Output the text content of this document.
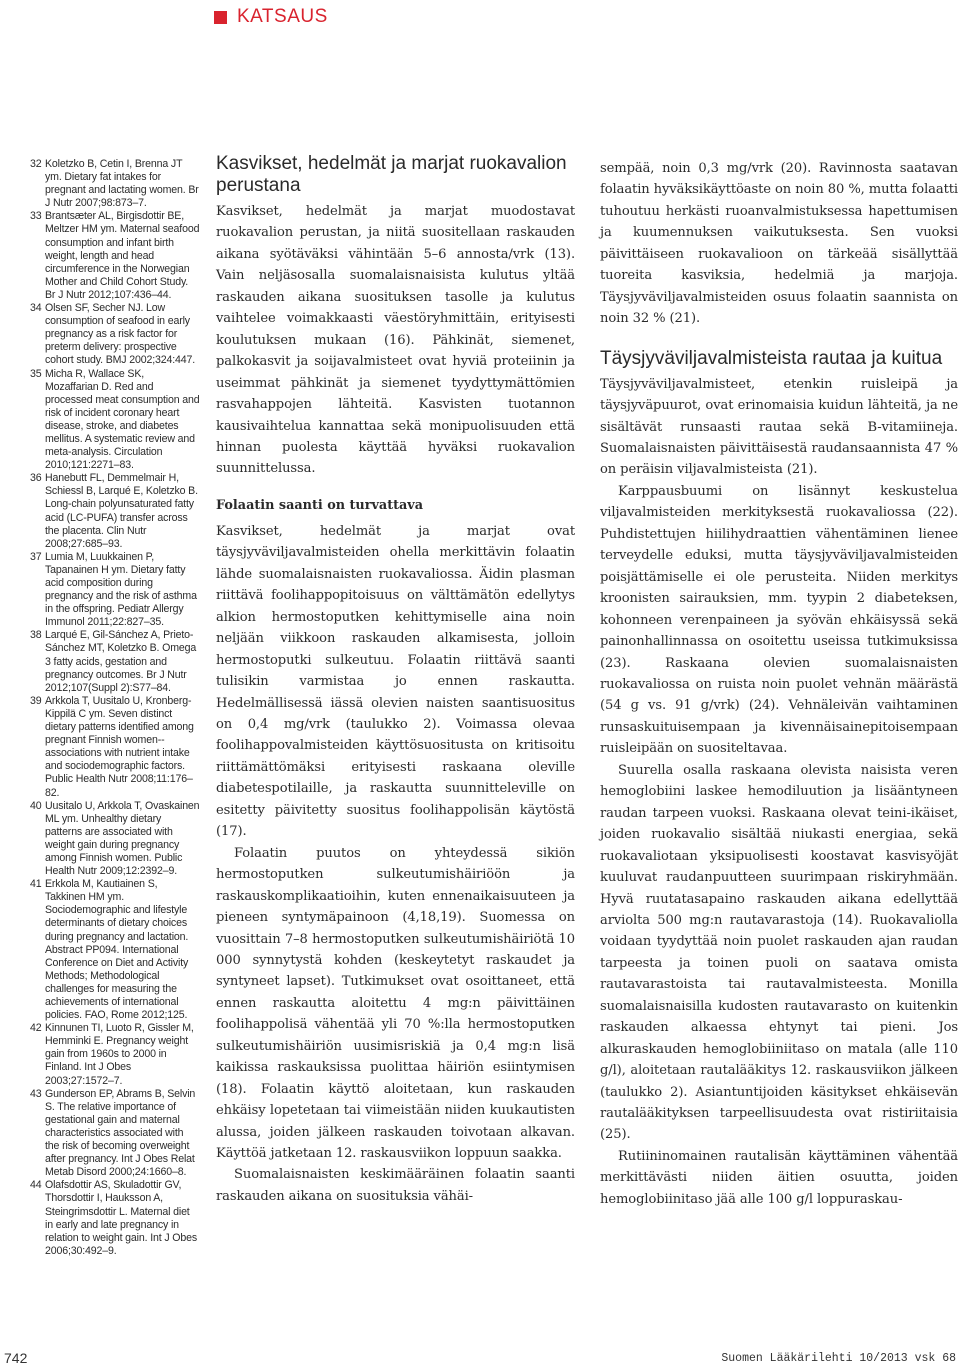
KATSAUS
32 Koletzko B, Cetin I, Brenna JT ym. Dietary fat intakes for pregnant and lactating women. Br J Nutr 2007;98:873–7.
33 Brantsæter AL, Birgisdottir BE, Meltzer HM ym. Maternal seafood consumption and infant birth weight, length and head circumference in the Norwegian Mother and Child Cohort Study. Br J Nutr 2012;107:436–44.
34 Olsen SF, Secher NJ. Low consumption of seafood in early pregnancy as a risk factor for preterm delivery: prospective cohort study. BMJ 2002;324:447.
35 Micha R, Wallace SK, Mozaffarian D. Red and processed meat consumption and risk of incident coronary heart disease, stroke, and diabetes mellitus. A systematic review and meta-analysis. Circulation 2010;121:2271–83.
36 Hanebutt FL, Demmelmair H, Schiessl B, Larqué E, Koletzko B. Long-chain polyunsaturated fatty acid (LC-PUFA) transfer across the placenta. Clin Nutr 2008;27:685–93.
37 Lumia M, Luukkainen P, Tapanainen H ym. Dietary fatty acid composition during pregnancy and the risk of asthma in the offspring. Pediatr Allergy Immunol 2011;22:827–35.
38 Larqué E, Gil-Sánchez A, Prieto-Sánchez MT, Koletzko B. Omega 3 fatty acids, gestation and pregnancy outcomes. Br J Nutr 2012;107(Suppl 2):S77–84.
39 Arkkola T, Uusitalo U, Kronberg-Kippilä C ym. Seven distinct dietary patterns identified among pregnant Finnish women--associations with nutrient intake and sociodemographic factors. Public Health Nutr 2008;11:176–82.
40 Uusitalo U, Arkkola T, Ovaskainen ML ym. Unhealthy dietary patterns are associated with weight gain during pregnancy among Finnish women. Public Health Nutr 2009;12:2392–9.
41 Erkkola M, Kautiainen S, Takkinen HM ym. Sociodemographic and lifestyle determinants of dietary choices during pregnancy and lactation. Abstract PP094. International Conference on Diet and Activity Methods; Methodological challenges for measuring the achievements of international policies. FAO, Rome 2012;125.
42 Kinnunen TI, Luoto R, Gissler M, Hemminki E. Pregnancy weight gain from 1960s to 2000 in Finland. Int J Obes 2003;27:1572–7.
43 Gunderson EP, Abrams B, Selvin S. The relative importance of gestational gain and maternal characteristics associated with the risk of becoming overweight after pregnancy. Int J Obes Relat Metab Disord 2000;24:1660–8.
44 Olafsdottir AS, Skuladottir GV, Thorsdottir I, Hauksson A, Steingrimsdottir L. Maternal diet in early and late pregnancy in relation to weight gain. Int J Obes 2006;30:492–9.
Kasvikset, hedelmät ja marjat ruokavalion perustana

Kasvikset, hedelmät ja marjat muodostavat ruokavalion perustan, ja niitä suositellaan raskauden aikana syötäväksi vähintään 5–6 annosta/vrk (13). Vain neljäsosalla suomalaisnaisista kulutus yltää raskauden aikana suosituksen tasolle ja kulutus vaihtelee voimakkaasti väestöryhmittäin, erityisesti koulutuksen mukaan (16). Pähkinät, siemenet, palkokasvit ja soijavalmisteet ovat hyviä proteiinin ja useimmat pähkinät ja siemenet tyydyttymättömien rasvahappojen lähteitä. Kasvisten tuotannon kausivaihtelua kannattaa sekä monipuolisuuden että hinnan puolesta käyttää hyväksi ruokavalion suunnittelussa.

Folaatin saanti on turvattava

Kasvikset, hedelmät ja marjat ovat täysjyväviljavalmisteiden ohella merkittävin folaatin lähde suomalaisnaisten ruokavaliossa. Äidin plasman riittävä foolihappopitoisuus on välttämätön edellytys alkion hermostoputken kehittymiselle aina noin neljään viikkoon raskauden alkamisesta, jolloin hermostoputki sulkeutuu. Folaatin riittävä saanti tulisikin varmistaa jo ennen raskautta. Hedelmällisessä iässä olevien naisten saantisuositus on 0,4 mg/vrk (taulukko 2). Voimassa olevaa foolihappovalmisteiden käyttösuositusta on kritisoitu riittämättömäksi erityisesti raskaana oleville diabetespotilaille, ja raskautta suunnitteleville on esitetty päivitetty suositus foolihappolisän käytöstä (17).

Folaatin puutos on yhteydessä sikiön hermostoputken sulkeutumishäiriöön ja raskauskomplikaatioihin, kuten ennenaikaisuuteen ja pieneen syntymäpainoon (4,18,19). Suomessa on vuosittain 7–8 hermostoputken sulkeutumishäiriötä 10 000 synnytystä kohden (keskeytetyt raskaudet ja syntyneet lapset). Tutkimukset ovat osoittaneet, että ennen raskautta aloitettu 4 mg:n päivittäinen foolihappolisä vähentää yli 70 %:lla hermostoputken sulkeutumishäiriön uusimisriskiä ja 0,4 mg:n lisä kaikissa raskauksissa puolittaa häiriön esiintymisen (18). Folaatin käyttö aloitetaan, kun raskauden ehkäisy lopetetaan tai viimeistään niiden kuukautisten alussa, joiden jälkeen raskauden toivotaan alkavan. Käyttöä jatketaan 12. raskausviikon loppuun saakka.

Suomalaisnaisten keskimääräinen folaatin saanti raskauden aikana on suosituksia vähäi-

sempää, noin 0,3 mg/vrk (20). Ravinnosta saatavan folaatin hyväksikäyttöaste on noin 80 %, mutta folaatti tuhoutuu herkästi ruoanvalmistuksessa hapettumisen ja kuumennuksen vaikutuksesta. Sen vuoksi päivittäiseen ruokavalioon on tärkeää sisällyttää tuoreita kasviksia, hedelmiä ja marjoja. Täysjyväviljavalmisteiden osuus folaatin saannista on noin 32 % (21).

Täysjyväviljavalmisteista rautaa ja kuitua

Täysjyväviljavalmisteet, etenkin ruisleipä ja täysjyväpuurot, ovat erinomaisia kuidun lähteitä, ja ne sisältävät runsaasti rautaa sekä B-vitamiineja. Suomalaisnaisten päivittäisestä raudansaannista 47 % on peräisin viljavalmisteista (21).

Karppausbuumi on lisännyt keskustelua viljavalmisteiden merkityksestä ruokavaliossa (22). Puhdistettujen hiilihydraattien vähentäminen lienee terveydelle eduksi, mutta täysjyväviljavalmisteiden poisjättämiselle ei ole perusteita. Niiden merkitys kroonisten sairauksien, mm. tyypin 2 diabeteksen, kohonneen verenpaineen ja syövän ehkäisyssä sekä painonhallinnassa on osoitettu useissa tutkimuksissa (23). Raskaana olevien suomalaisnaisten ruokavaliossa on ruista noin puolet vehnän määrästä (54 g vs. 91 g/vrk) (24). Vehnäleivän vaihtaminen runsaskuituisempaan ja kivennäisainepitoisempaan ruisleipään on suositeltavaa.

Suurella osalla raskaana olevista naisista veren hemoglobiini laskee hemodiluution ja lisääntyneen raudan tarpeen vuoksi. Raskaana olevat teini-ikäiset, joiden ruokavalio sisältää niukasti energiaa, sekä ruokavaliotaan yksipuolisesti koostavat kasvisyöjät kuuluvat raudanpuutteen suurimpaan riskiryhmään. Hyvä ruutatasapaino raskauden aikana edellyttää arviolta 500 mg:n rautavarastoja (14). Ruokavaliolla voidaan tyydyttää noin puolet raskauden ajan raudan tarpeesta ja toinen puoli on saatava omista rautavarastoista tai rautavalmisteesta. Monilla suomalaisnaisilla kudosten rautavarasto on kuitenkin raskauden alkaessa ehtynyt tai pieni. Jos alkuraskauden hemoglobiiniitaso on matala (alle 110 g/l), aloitetaan rautalääkitys 12. raskausviikon jälkeen (taulukko 2). Asiantuntijoiden käsitykset ehkäisevän rautalääkityksen tarpeellisuudesta ovat ristiriitaisia (25).

Rutiininomainen rautalisän käyttäminen vähentää merkittävästi niiden äitien osuutta, joiden hemoglobiinitaso jää alle 100 g/l loppuraskau-

742	Suomen Lääkärilehti 10/2013 vsk 68
